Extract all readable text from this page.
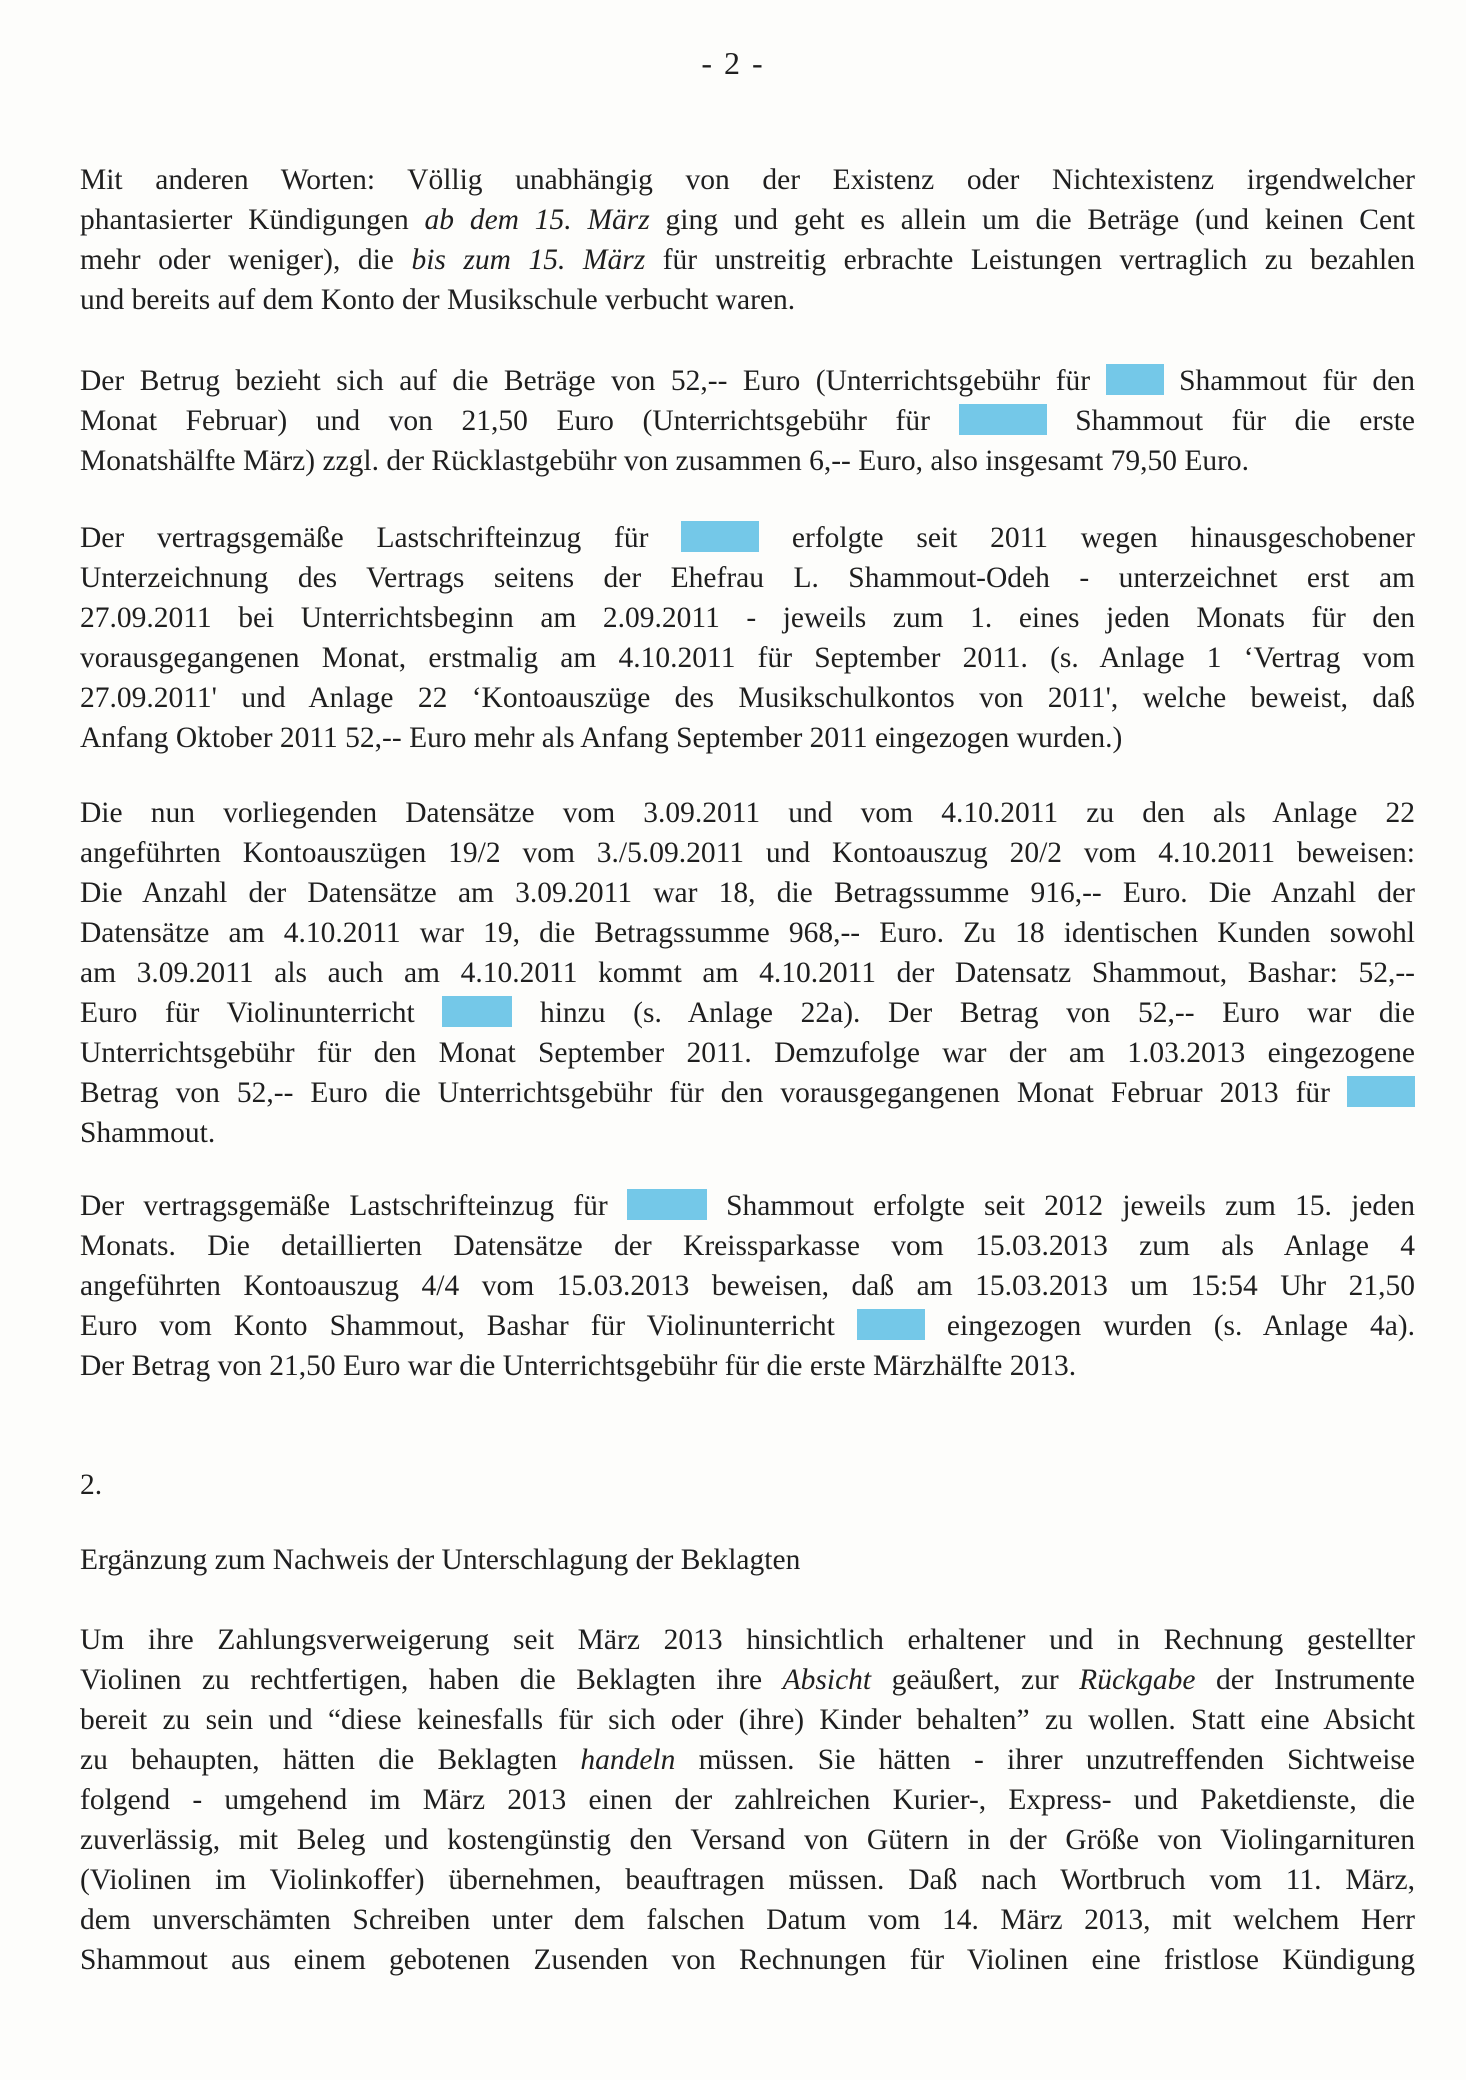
- 2 -
Mit anderen Worten: Völlig unabhängig von der Existenz oder Nichtexistenz irgendwelcher
phantasierter Kündigungen ab dem 15. März ging und geht es allein um die Beträge (und keinen Cent
mehr oder weniger), die bis zum 15. März für unstreitig erbrachte Leistungen vertraglich zu bezahlen
und bereits auf dem Konto der Musikschule verbucht waren.
Der Betrug bezieht sich auf die Beträge von 52,-- Euro (Unterrichtsgebühr für  Shammout für den
Monat Februar) und von 21,50 Euro (Unterrichtsgebühr für	Shammout für die erste
Monatshälfte März) zzgl. der Rücklastgebühr von zusammen 6,-- Euro, also insgesamt 79,50 Euro.
Der vertragsgemäße Lastschrifteinzug für	erfolgte seit 2011 wegen hinausgeschobener
Unterzeichnung des Vertrags seitens der Ehefrau L. Shammout-Odeh - unterzeichnet erst am
27.09.2011 bei Unterrichtsbeginn am 2.09.2011 - jeweils zum 1. eines jeden Monats für den
vorausgegangenen Monat, erstmalig am 4.10.2011 für September 2011. (s. Anlage 1 ‘Vertrag vom
27.09.2011' und Anlage 22 ‘Kontoauszüge des Musikschulkontos von 2011', welche beweist, daß
Anfang Oktober 2011 52,-- Euro mehr als Anfang September 2011 eingezogen wurden.)
Die nun vorliegenden Datensätze vom 3.09.2011 und vom 4.10.2011 zu den als Anlage 22
angeführten Kontoauszügen 19/2 vom 3./5.09.2011 und Kontoauszug 20/2 vom 4.10.2011 beweisen:
Die Anzahl der Datensätze am 3.09.2011 war 18, die Betragssumme 916,-- Euro. Die Anzahl der
Datensätze am 4.10.2011 war 19, die Betragssumme 968,-- Euro. Zu 18 identischen Kunden sowohl
am 3.09.2011 als auch am 4.10.2011 kommt am 4.10.2011 der Datensatz Shammout, Bashar: 52,--
Euro für Violinunterricht  hinzu (s. Anlage 22a). Der Betrag von 52,-- Euro war die
Unterrichtsgebühr für den Monat September 2011. Demzufolge war der am 1.03.2013 eingezogene
Betrag von 52,-- Euro die Unterrichtsgebühr für den vorausgegangenen Monat Februar 2013 für
Shammout.
Der vertragsgemäße Lastschrifteinzug für	Shammout erfolgte seit 2012 jeweils zum 15. jeden
Monats. Die detaillierten Datensätze der Kreissparkasse vom 15.03.2013 zum als Anlage 4
angeführten Kontoauszug 4/4 vom 15.03.2013 beweisen, daß am 15.03.2013 um 15:54 Uhr 21,50
Euro vom Konto Shammout, Bashar für Violinunterricht  eingezogen wurden (s. Anlage 4a).
Der Betrag von 21,50 Euro war die Unterrichtsgebühr für die erste Märzhälfte 2013.
2.
Ergänzung zum Nachweis der Unterschlagung der Beklagten
Um ihre Zahlungsverweigerung seit März 2013 hinsichtlich erhaltener und in Rechnung gestellter
Violinen zu rechtfertigen, haben die Beklagten ihre Absicht geäußert, zur Rückgabe der Instrumente
bereit zu sein und “diese keinesfalls für sich oder (ihre) Kinder behalten” zu wollen. Statt eine Absicht
zu behaupten, hätten die Beklagten handeln müssen. Sie hätten - ihrer unzutreffenden Sichtweise
folgend - umgehend im März 2013 einen der zahlreichen Kurier-, Express- und Paketdienste, die
zuverlässig, mit Beleg und kostengünstig den Versand von Gütern in der Größe von Violingarnituren
(Violinen im Violinkoffer) übernehmen, beauftragen müssen. Daß nach Wortbruch vom 11. März,
dem unverschämten Schreiben unter dem falschen Datum vom 14. März 2013, mit welchem Herr
Shammout aus einem gebotenen Zusenden von Rechnungen für Violinen eine fristlose Kündigung
